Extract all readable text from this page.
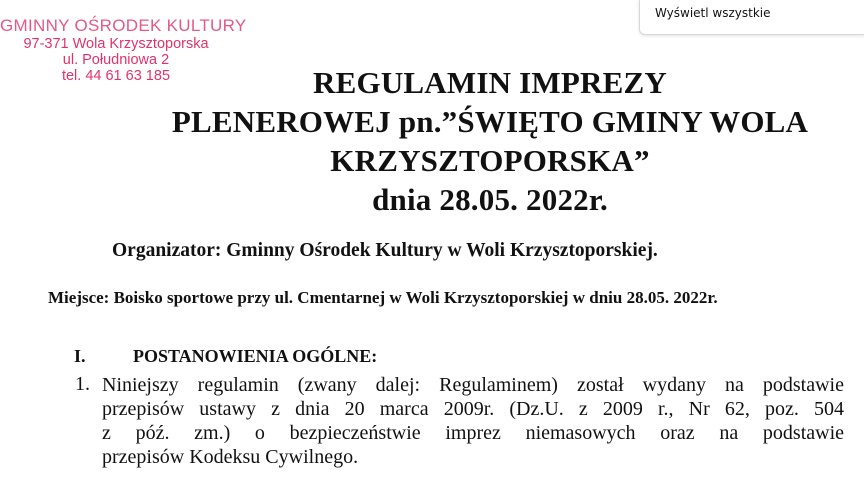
GMINNY OŚRODEK KULTURY
97-371 Wola Krzysztoporska
ul. Południowa 2
tel. 44 61 63 185
Wyświetl wszystkie
REGULAMIN IMPREZY
PLENEROWEJ pn.”ŚWIĘTO GMINY WOLA
KRZYSZTOPORSKA”
dnia 28.05. 2022r.
Organizator: Gminny Ośrodek Kultury w Woli Krzysztoporskiej.
Miejsce: Boisko sportowe przy ul. Cmentarnej w Woli Krzysztoporskiej w dniu 28.05. 2022r.
I.	POSTANOWIENIA OGÓLNE:
1. Niniejszy regulamin (zwany dalej: Regulaminem) został wydany na podstawie
przepisów ustawy z dnia 20 marca 2009r. (Dz.U. z 2009 r., Nr 62, poz. 504
z póź. zm.) o bezpieczeństwie imprez niemasowych oraz na podstawie
przepisów Kodeksu Cywilnego.
